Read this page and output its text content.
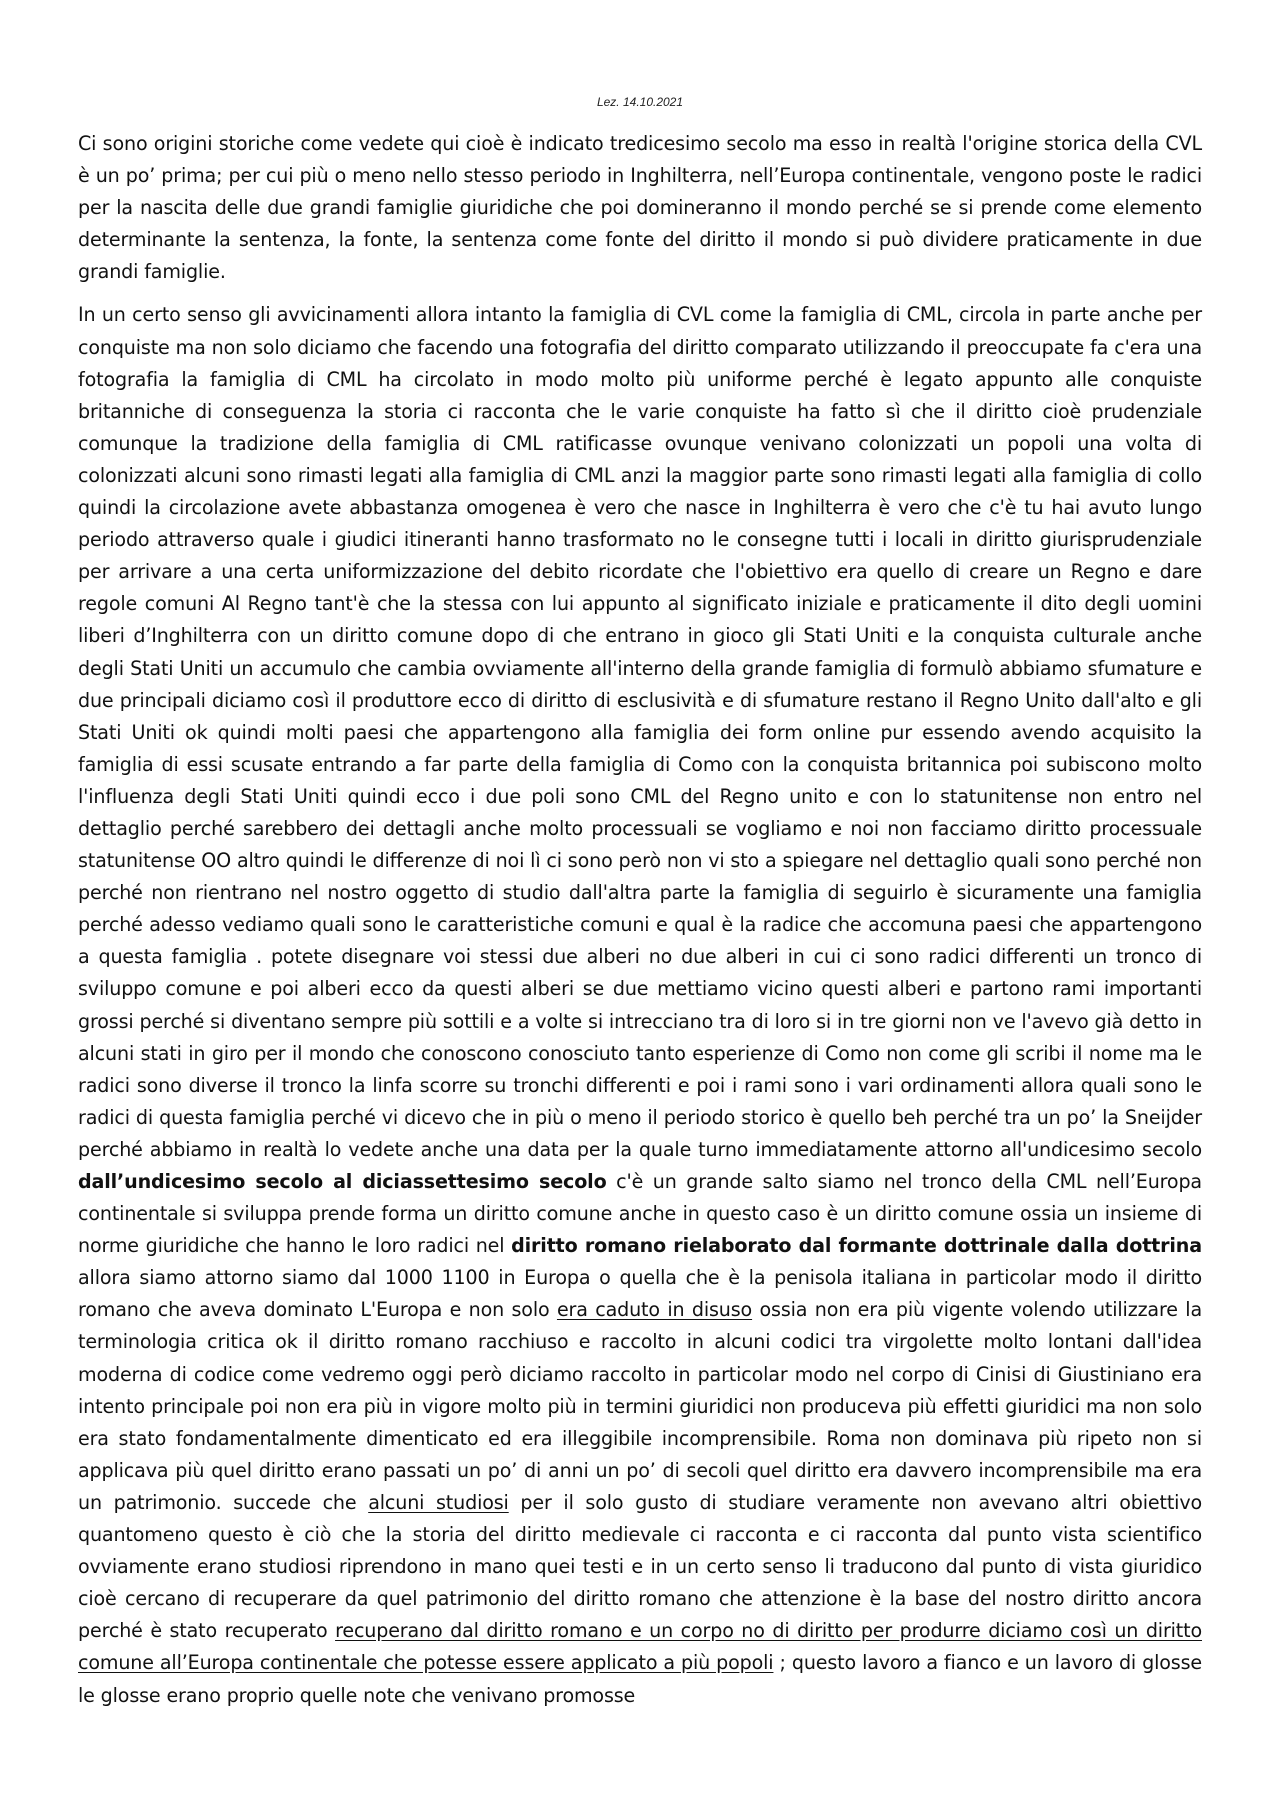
Lez. 14.10.2021

Ci sono origini storiche come vedete qui cioè è indicato tredicesimo secolo ma esso in realtà l'origine storica della CVL è un po’ prima; per cui più o meno nello stesso periodo in Inghilterra, nell’Europa continentale, vengono poste le radici per la nascita delle due grandi famiglie giuridiche che poi domineranno il mondo perché se si prende come elemento determinante la sentenza, la fonte, la sentenza come fonte del diritto il mondo si può dividere praticamente in due grandi famiglie.

In un certo senso gli avvicinamenti allora intanto la famiglia di CVL come la famiglia di CML, circola in parte anche per conquiste ma non solo diciamo che facendo una fotografia del diritto comparato utilizzando il preoccupate fa c'era una fotografia la famiglia di CML ha circolato in modo molto più uniforme perché è legato appunto alle conquiste britanniche di conseguenza la storia ci racconta che le varie conquiste ha fatto sì che il diritto cioè prudenziale comunque la tradizione della famiglia di CML ratificasse ovunque venivano colonizzati un popoli una volta di colonizzati alcuni sono rimasti legati alla famiglia di CML anzi la maggior parte sono rimasti legati alla famiglia di collo quindi la circolazione avete abbastanza omogenea è vero che nasce in Inghilterra è vero che c'è tu hai avuto lungo periodo attraverso quale i giudici itineranti hanno trasformato no le consegne tutti i locali in diritto giurisprudenziale per arrivare a una certa uniformizzazione del debito ricordate che l'obiettivo era quello di creare un Regno e dare regole comuni Al Regno tant'è che la stessa con lui appunto al significato iniziale e praticamente il dito degli uomini liberi d’Inghilterra con un diritto comune dopo di che entrano in gioco gli Stati Uniti e la conquista culturale anche degli Stati Uniti un accumulo che cambia ovviamente all'interno della grande famiglia di formulò abbiamo sfumature e due principali diciamo così il produttore ecco di diritto di esclusività e di sfumature restano il Regno Unito dall'alto e gli Stati Uniti ok quindi molti paesi che appartengono alla famiglia dei form online pur essendo avendo acquisito la famiglia di essi scusate entrando a far parte della famiglia di Como con la conquista britannica poi subiscono molto l'influenza degli Stati Uniti quindi ecco i due poli sono CML del Regno unito e con lo statunitense non entro nel dettaglio perché sarebbero dei dettagli anche molto processuali se vogliamo e noi non facciamo diritto processuale statunitense OO altro quindi le differenze di noi lì ci sono però non vi sto a spiegare nel dettaglio quali sono perché non perché non rientrano nel nostro oggetto di studio dall'altra parte la famiglia di seguirlo è sicuramente una famiglia perché adesso vediamo quali sono le caratteristiche comuni e qual è la radice che accomuna paesi che appartengono a questa famiglia . potete disegnare voi stessi due alberi no due alberi in cui ci sono radici differenti un tronco di sviluppo comune e poi alberi ecco da questi alberi se due mettiamo vicino questi alberi e partono rami importanti grossi perché si diventano sempre più sottili e a volte si intrecciano tra di loro si in tre giorni non ve l'avevo già detto in alcuni stati in giro per il mondo che conoscono conosciuto tanto esperienze di Como non come gli scribi il nome ma le radici sono diverse il tronco la linfa scorre su tronchi differenti e poi i rami sono i vari ordinamenti allora quali sono le radici di questa famiglia perché vi dicevo che in più o meno il periodo storico è quello beh perché tra un po’ la Sneijder perché abbiamo in realtà lo vedete anche una data per la quale turno immediatamente attorno all'undicesimo secolo dall’undicesimo secolo al diciassettesimo secolo c'è un grande salto siamo nel tronco della CML nell’Europa continentale si sviluppa prende forma un diritto comune anche in questo caso è un diritto comune ossia un insieme di norme giuridiche che hanno le loro radici nel diritto romano rielaborato dal formante dottrinale dalla dottrina allora siamo attorno siamo dal 1000 1100 in Europa o quella che è la penisola italiana in particolar modo il diritto romano che aveva dominato L'Europa e non solo era caduto in disuso ossia non era più vigente volendo utilizzare la terminologia critica ok il diritto romano racchiuso e raccolto in alcuni codici tra virgolette molto lontani dall'idea moderna di codice come vedremo oggi però diciamo raccolto in particolar modo nel corpo di Cinisi di Giustiniano era intento principale poi non era più in vigore molto più in termini giuridici non produceva più effetti giuridici ma non solo era stato fondamentalmente dimenticato ed era illeggibile incomprensibile. Roma non dominava più ripeto non si applicava più quel diritto erano passati un po’ di anni un po’ di secoli quel diritto era davvero incomprensibile ma era un patrimonio. succede che alcuni studiosi per il solo gusto di studiare veramente non avevano altri obiettivo quantomeno questo è ciò che la storia del diritto medievale ci racconta e ci racconta dal punto vista scientifico ovviamente erano studiosi riprendono in mano quei testi e in un certo senso li traducono dal punto di vista giuridico cioè cercano di recuperare da quel patrimonio del diritto romano che attenzione è la base del nostro diritto ancora perché è stato recuperato recuperano dal diritto romano e un corpo no di diritto per produrre diciamo così un diritto comune all’Europa continentale che potesse essere applicato a più popoli ; questo lavoro a fianco e un lavoro di glosse le glosse erano proprio quelle note che venivano promosse
